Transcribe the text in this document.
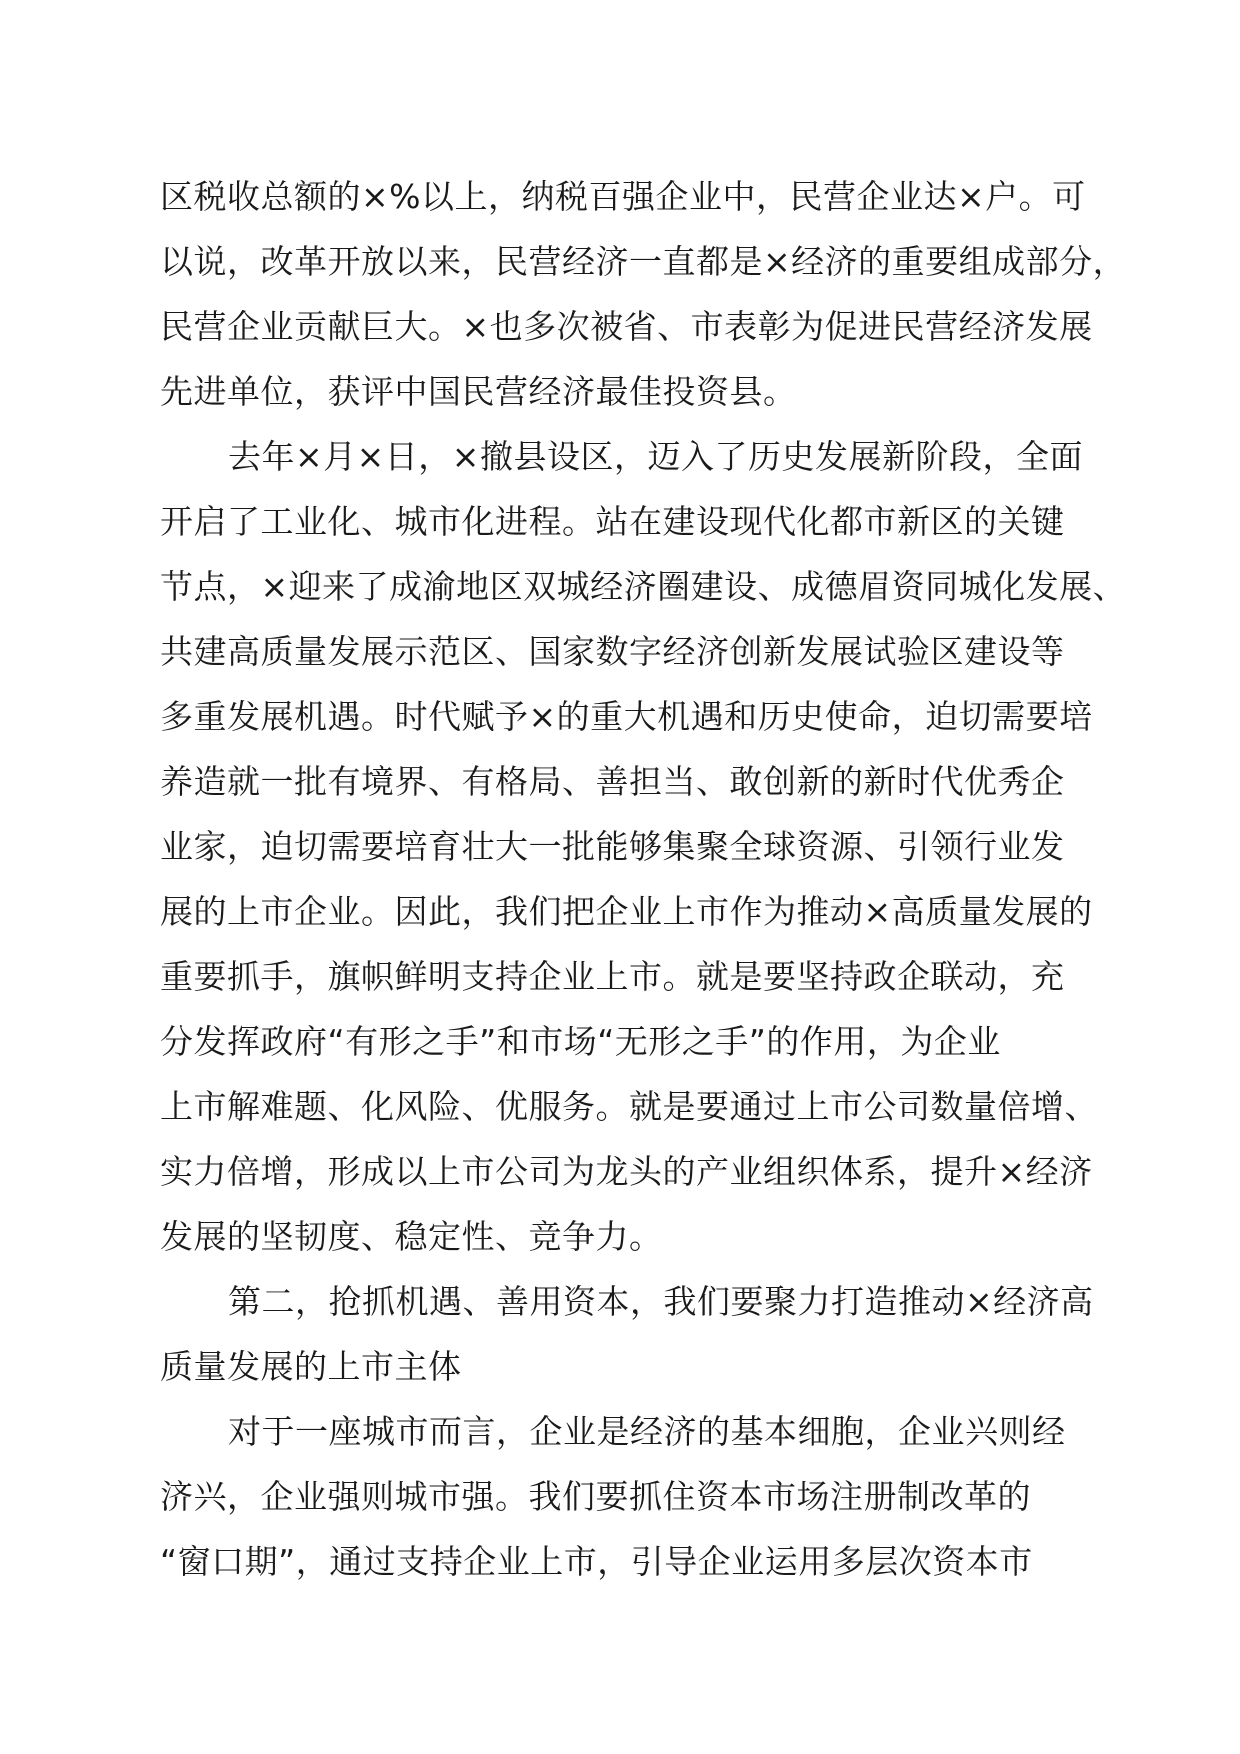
区税收总额的×%以上，纳税百强企业中，民营企业达×户。可
以说，改革开放以来，民营经济一直都是×经济的重要组成部分，
民营企业贡献巨大。×也多次被省、市表彰为促进民营经济发展
先进单位，获评中国民营经济最佳投资县。
去年×月×日，×撤县设区，迈入了历史发展新阶段，全面
开启了工业化、城市化进程。站在建设现代化都市新区的关键
节点，×迎来了成渝地区双城经济圈建设、成德眉资同城化发展、
共建高质量发展示范区、国家数字经济创新发展试验区建设等
多重发展机遇。时代赋予×的重大机遇和历史使命，迫切需要培
养造就一批有境界、有格局、善担当、敢创新的新时代优秀企
业家，迫切需要培育壮大一批能够集聚全球资源、引领行业发
展的上市企业。因此，我们把企业上市作为推动×高质量发展的
重要抓手，旗帜鲜明支持企业上市。就是要坚持政企联动，充
分发挥政府“有形之手”和市场“无形之手”的作用，为企业
上市解难题、化风险、优服务。就是要通过上市公司数量倍增、
实力倍增，形成以上市公司为龙头的产业组织体系，提升×经济
发展的坚韧度、稳定性、竞争力。
第二，抢抓机遇、善用资本，我们要聚力打造推动×经济高
质量发展的上市主体
对于一座城市而言，企业是经济的基本细胞，企业兴则经
济兴，企业强则城市强。我们要抓住资本市场注册制改革的
“窗口期”，通过支持企业上市，引导企业运用多层次资本市
